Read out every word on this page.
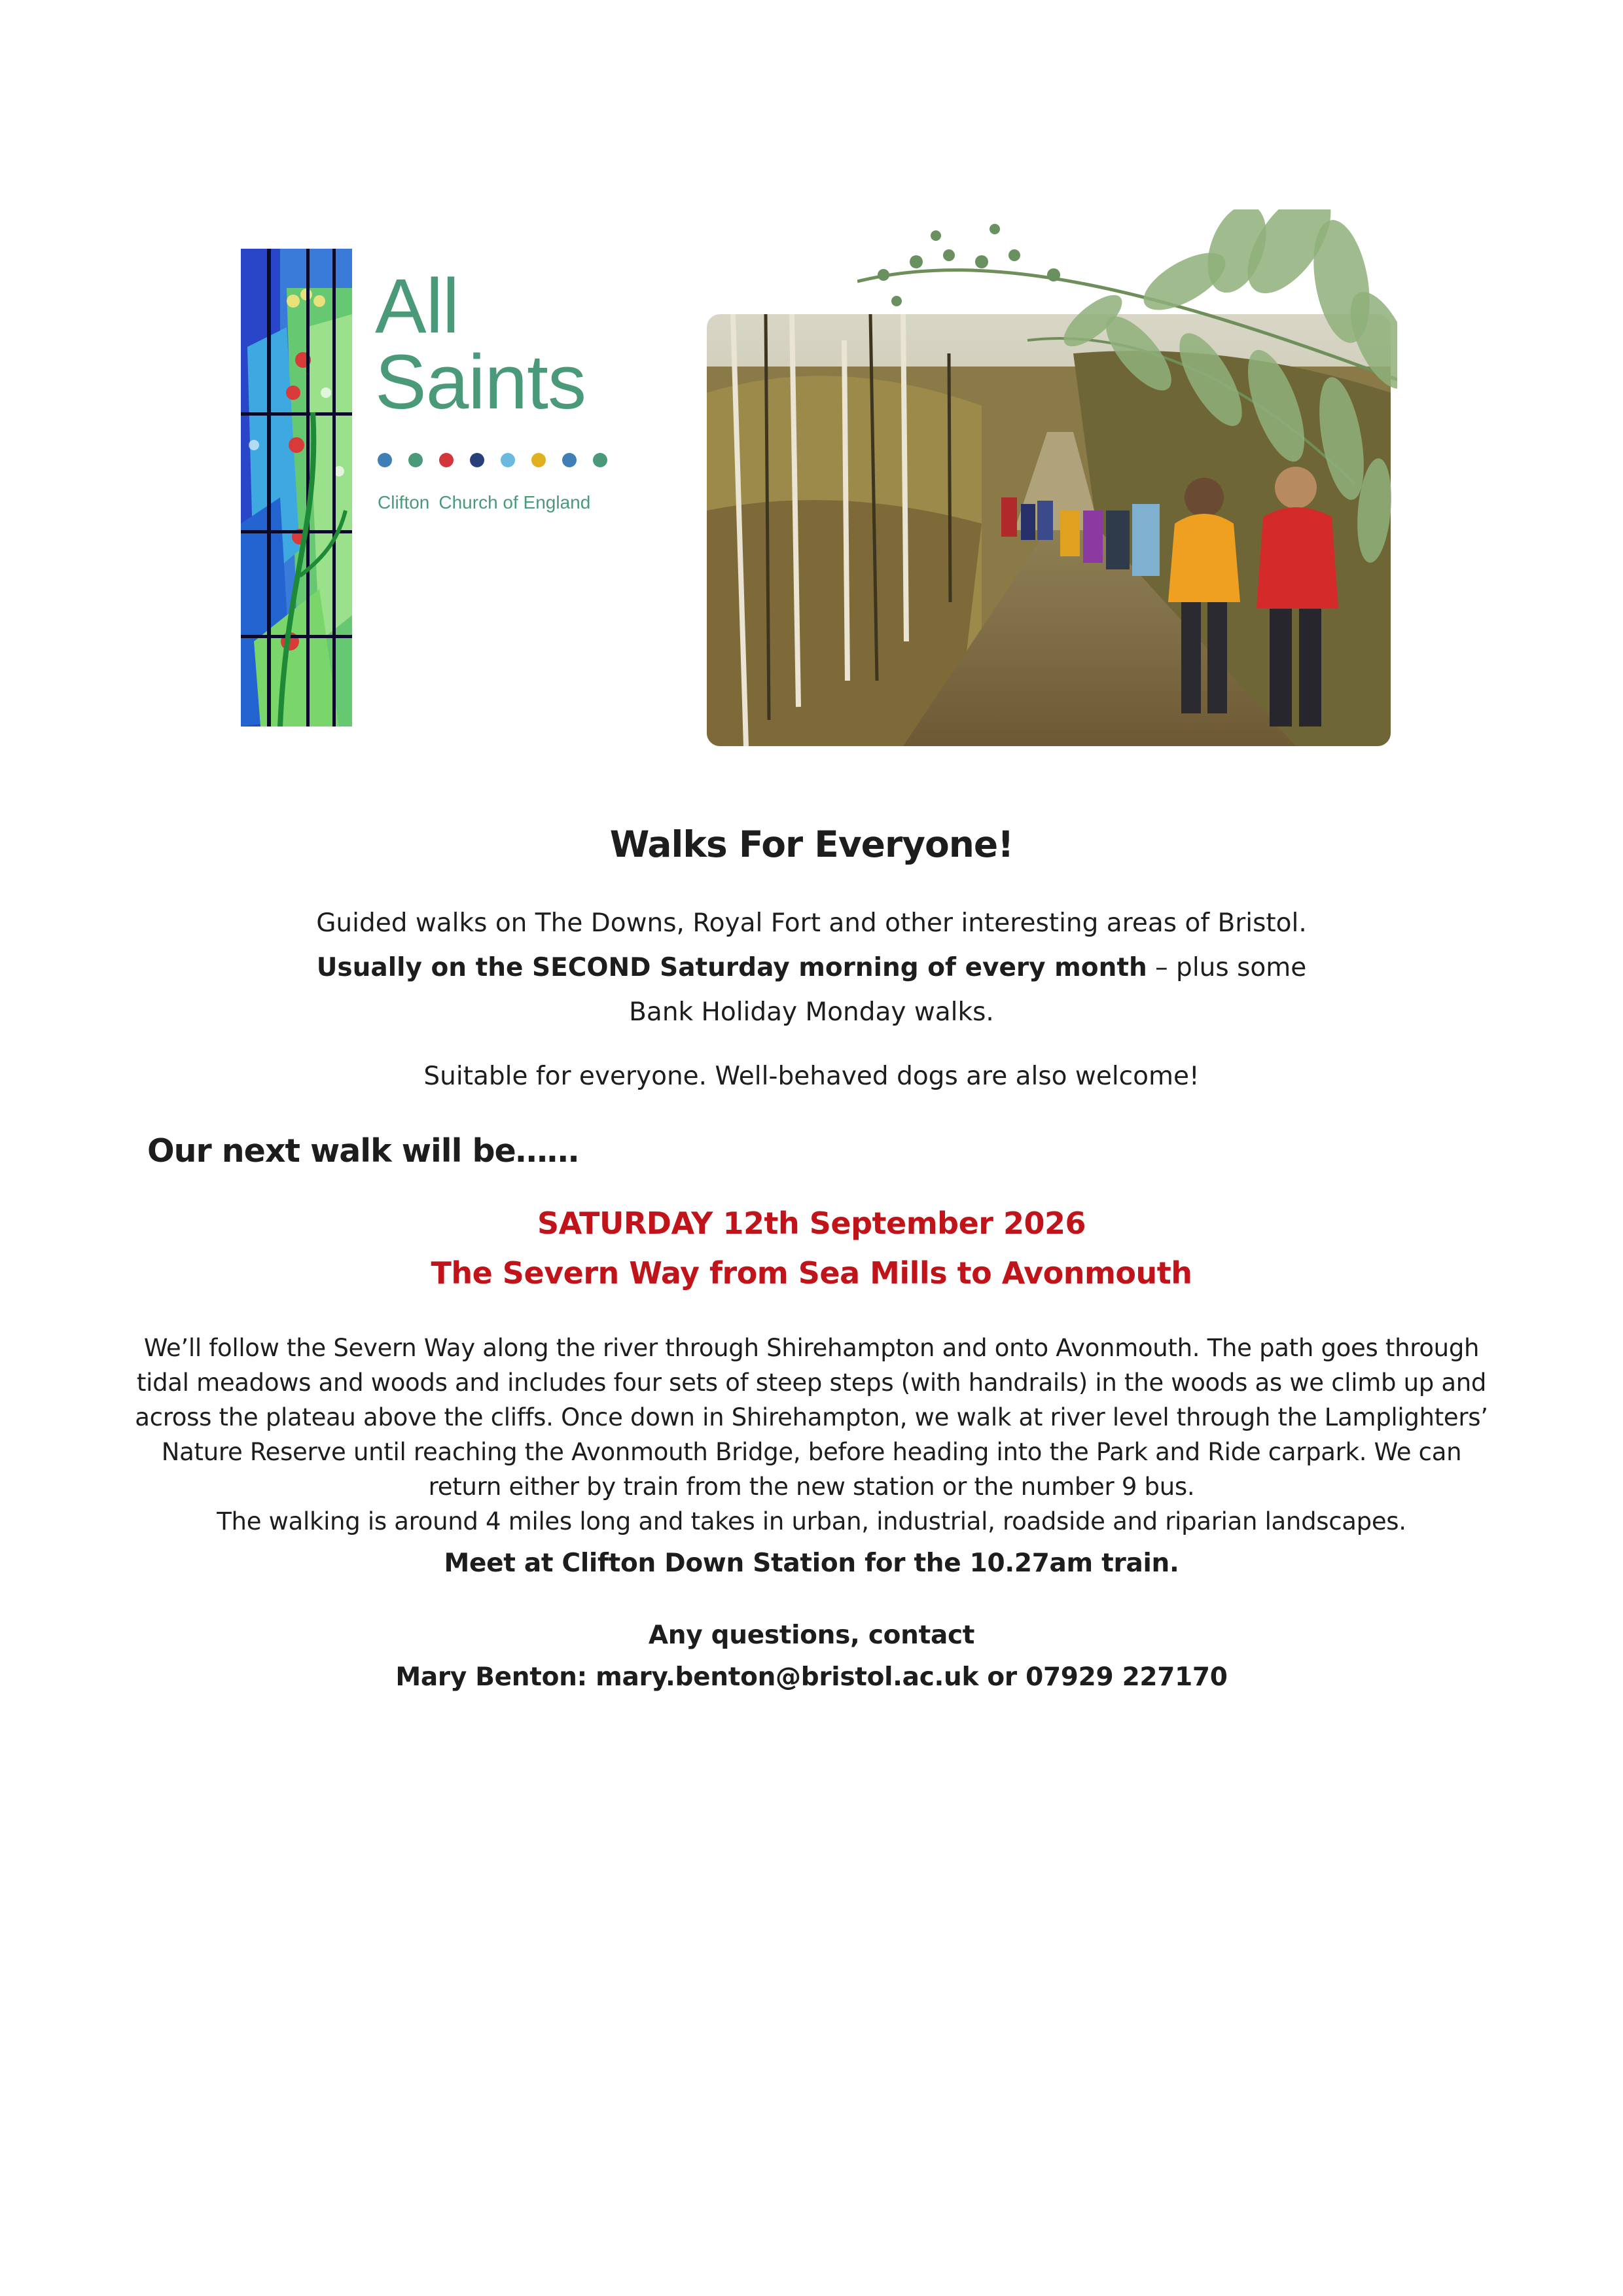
All
Saints
Clifton Church of England
Walks For Everyone!
Guided walks on The Downs, Royal Fort and other interesting areas of Bristol.
Usually on the SECOND Saturday morning of every month – plus some
Bank Holiday Monday walks.
Suitable for everyone. Well-behaved dogs are also welcome!
Our next walk will be……
SATURDAY 12th September 2026
The Severn Way from Sea Mills to Avonmouth
We’ll follow the Severn Way along the river through Shirehampton and onto Avonmouth. The path goes through
tidal meadows and woods and includes four sets of steep steps (with handrails) in the woods as we climb up and
across the plateau above the cliffs. Once down in Shirehampton, we walk at river level through the Lamplighters’
Nature Reserve until reaching the Avonmouth Bridge, before heading into the Park and Ride carpark. We can
return either by train from the new station or the number 9 bus.
The walking is around 4 miles long and takes in urban, industrial, roadside and riparian landscapes.
Meet at Clifton Down Station for the 10.27am train.
Any questions, contact
Mary Benton: mary.benton@bristol.ac.uk or 07929 227170
